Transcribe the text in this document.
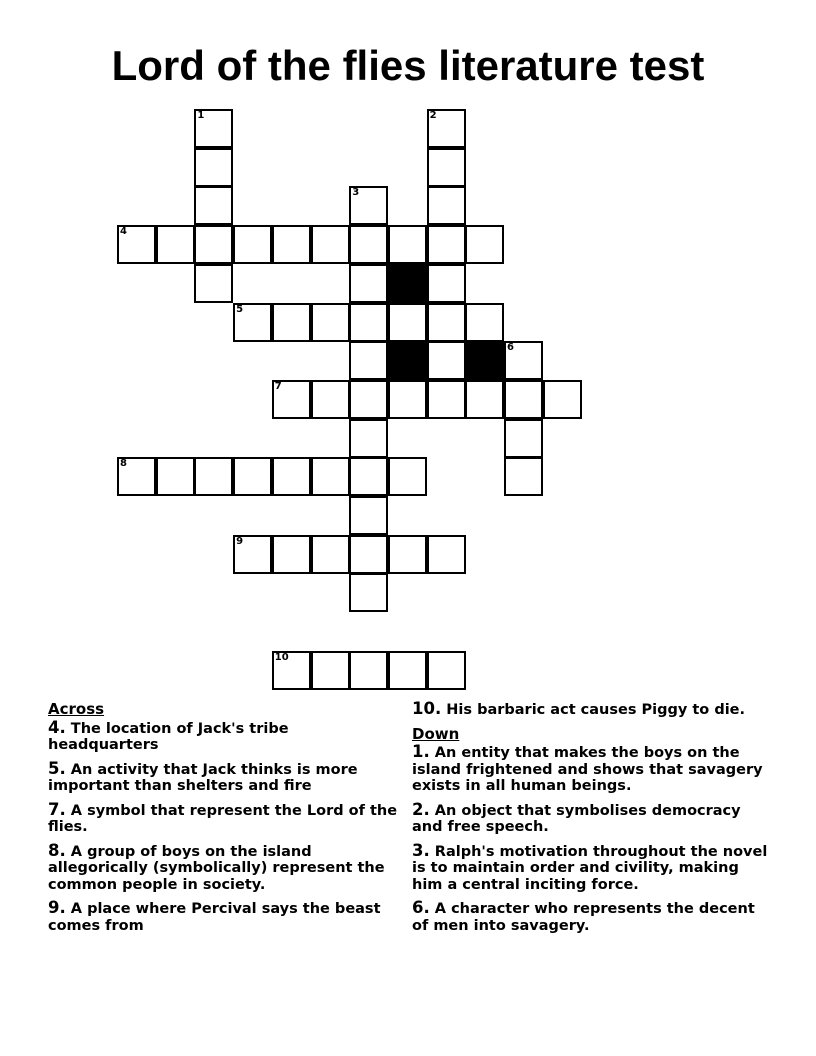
Lord of the flies literature test
1	2
3
4
5
6
7
8
9
10
Across
4. The location of Jack's tribe headquarters
5. An activity that Jack thinks is more important than shelters and fire
7. A symbol that represent the Lord of the flies.
8. A group of boys on the island allegorically (symbolically) represent the common people in society.
9. A place where Percival says the beast comes from
10. His barbaric act causes Piggy to die.
Down
1. An entity that makes the boys on the island frightened and shows that savagery exists in all human beings.
2. An object that symbolises democracy and free speech.
3. Ralph's motivation throughout the novel is to maintain order and civility, making him a central inciting force.
6. A character who represents the decent of men into savagery.
